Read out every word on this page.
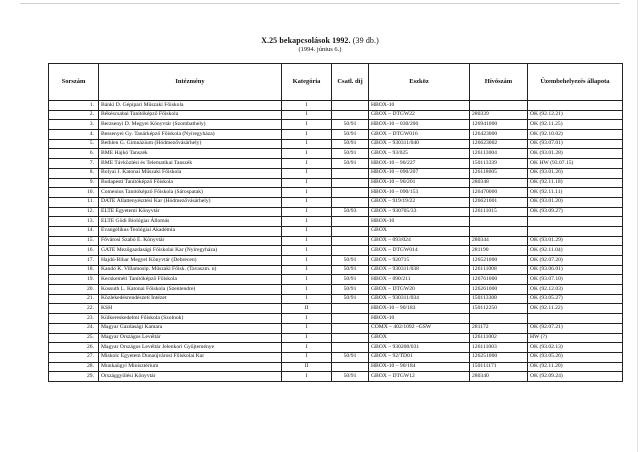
X.25 bekapcsolások 1992. (39 db.)
(1994. június 6.)
Sorszám	Intézmény	Kategória	Csatl. díj	Eszköz	Hívószám	Üzembehelyezés állapota
1.	Bánki D. Gépipari Műszaki Főiskola	I		HBOX-10		
2.	Békéscsabai Tanítóképző Főiskola	I		GBOX – DTGW22	280339	OK (92.12.21)
3.	Berzsenyi D. Megyei Könyvtár (Szombathely)	I	50/91	HBOX-10 – 030/200	126941000	OK (92.11.25)
4.	Bessenyei Gy. Tanárképző Főiskola (Nyíregyháza)	I	50/91	GBOX – DTGW016	126423000	OK (92.10.02)
5.	Bethlen G. Gimnázium (Hódmezővásárhely)	I	50/91	GBOX – 930311/040	126623002	OK (93.07.01)
6.	BME Hajkó Tanszék	I	50/91	GBOX – 93/025	126113004	OK (93.01.28)
7.	BME Távközlési és Telematikai Tanszék	I	50/91	HBOX-10 – 90/227	150113339	OK HW (93.07.15)
8.	Bolyai J. Katonai Műszaki Főiskola	I		HBOX-10 – 090/207	126118005	OK (93.01.26)
9.	Budapesti Tanítóképző Főiskola	I		HBOX-10 – 90/201	280348	OK (92.11.18)
10.	Comenius Tanítóképző Főiskola (Sárospatak)	I		HBOX-10 – 090/153	126470000	OK (92.11.11)
11.	DATE Állattenyésztési Kar (Hódmezővásárhely)	I		GBOX – 919/19/22	126621001	OK (93.01.20)
12.	ELTE Egyetemi Könyvtár	I	50/93	GBOX – 930705/33	126111015	OK (93.09.27)
13.	ELTE Gödi Biológiai Állomás	I		HBOX-10		
14.	Evangélikus Teológiai Akadémia	I		GBOX		
15.	Fővárosi Szabó E. Könyvtár	I		GBOX – 093/024	280344	OK (93.01.29)
16.	GATE Mezőgazdasági Főiskolai Kar (Nyíregyháza)	I		GBOX – DTGW014	281190	OK (92.11.04)
17.	Hajdú-Bihar Megyei Könyvtár (Debrecen)	I	50/91	GBOX – 920715	126521000	OK (92.07.20)
18.	Kandó K. Villamosip. Műszaki Főisk. (Tavaszm. n)	I	50/91	GBOX – 930311/038	126111008	OK (93.06.01)
19.	Kecskeméti Tanítóképző Főiskola	I	50/91	HBOX – 090/211	126761000	OK (93.07.10)
20.	Kossuth L. Katonai Főiskola (Szentendre)	I	50/91	GBOX – DTGW20	126261000	OK (92.12.03)
21.	Közlekedésrendészeti Intézet	I	50/91	GBOX – 930311/034	150113308	OK (93.05.27)
22.	KSH	II		HBOX-10 – 90/183	150112250	OK (92.11.22)
23.	Külkereskedelmi Főiskola (Szolnok)	I		HBOX-10		
24.	Magyar Gazdasági Kamara	I		COMX – 402/1092 –GSW	281172	OK (92.07.21)
25.	Magyar Országos Levéltár	I		GBOX	126111002	HW (?)
26.	Magyar Országos Levéltár Jelenkori Gyűjteménye	I		GBOX – 930208/031	126111003	OK (93.02.13)
27.	Miskolc Egyetem Dunaújvárosi Főiskolai Kar	I	50/91	GBOX – 92/TD01	126251000	OK (93.05.26)
28.	Munkaügyi Minisztérium	II		HBOX-10 – 90/184	150111171	OK (92.11.20)
29.	Országgyűlési Könyvtár	I	50/91	GBOX – DTGW12	280340	OK (92.09.24)
